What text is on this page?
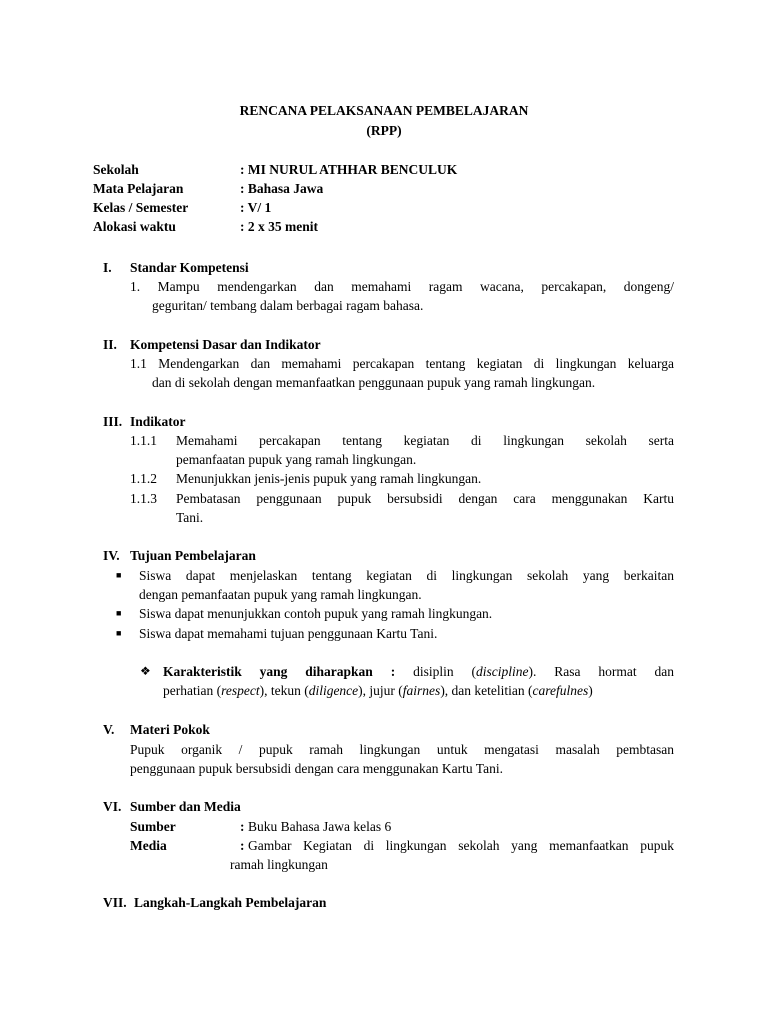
RENCANA PELAKSANAAN PEMBELAJARAN
(RPP)
Sekolah	: MI NURUL ATHHAR BENCULUK
Mata Pelajaran	: Bahasa Jawa
Kelas / Semester	: V/ 1
Alokasi waktu	: 2 x 35 menit
I. Standar Kompetensi
1. Mampu mendengarkan dan memahami ragam wacana, percakapan, dongeng/
geguritan/ tembang dalam berbagai ragam bahasa.
II. Kompetensi Dasar dan Indikator
1.1 Mendengarkan dan memahami percakapan tentang kegiatan di lingkungan keluarga
dan di sekolah dengan memanfaatkan penggunaan pupuk yang ramah lingkungan.
III. Indikator
1.1.1 Memahami percakapan tentang kegiatan di lingkungan sekolah serta
pemanfaatan pupuk yang ramah lingkungan.
1.1.2 Menunjukkan jenis-jenis pupuk yang ramah lingkungan.
1.1.3 Pembatasan penggunaan pupuk bersubsidi dengan cara menggunakan Kartu
Tani.
IV. Tujuan Pembelajaran
■ Siswa dapat menjelaskan tentang kegiatan di lingkungan sekolah yang berkaitan
dengan pemanfaatan pupuk yang ramah lingkungan.
■ Siswa dapat menunjukkan contoh pupuk yang ramah lingkungan.
■ Siswa dapat memahami tujuan penggunaan Kartu Tani.
❖ Karakteristik yang diharapkan : disiplin (discipline). Rasa hormat dan
perhatian (respect), tekun (diligence), jujur (fairnes), dan ketelitian (carefulnes)
V. Materi Pokok
Pupuk organik / pupuk ramah lingkungan untuk mengatasi masalah pembtasan
penggunaan pupuk bersubsidi dengan cara menggunakan Kartu Tani.
VI. Sumber dan Media
Sumber	: Buku Bahasa Jawa kelas 6
Media	: Gambar Kegiatan di lingkungan sekolah yang memanfaatkan pupuk
ramah lingkungan
VII. Langkah-Langkah Pembelajaran
